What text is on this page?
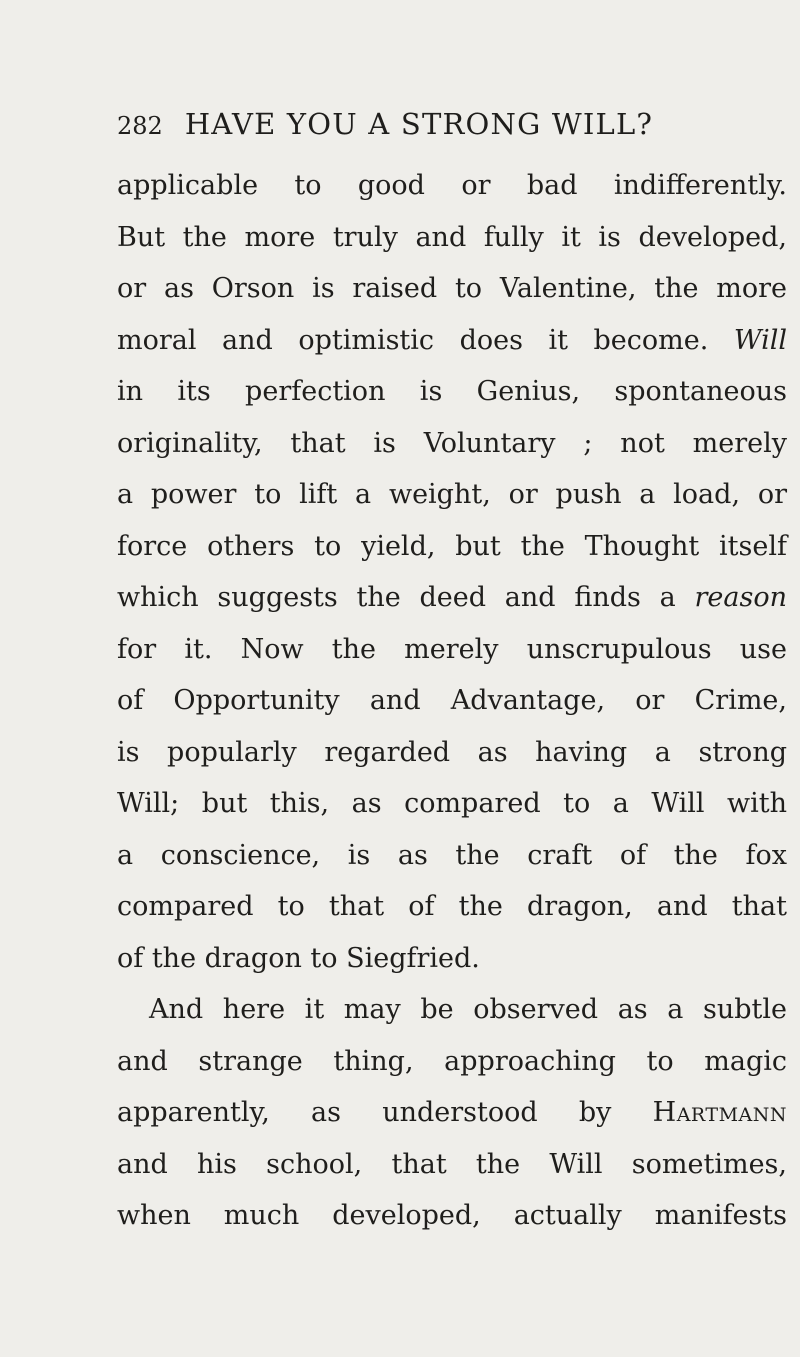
282 HAVE YOU A STRONG WILL?
applicable to good or bad indifferently.
But the more truly and fully it is developed,
or as Orson is raised to Valentine, the more
moral and optimistic does it become. Will
in its perfection is Genius, spontaneous
originality, that is Voluntary ; not merely
a power to lift a weight, or push a load, or
force others to yield, but the Thought itself
which suggests the deed and finds a reason
for it. Now the merely unscrupulous use
of Opportunity and Advantage, or Crime,
is popularly regarded as having a strong
Will; but this, as compared to a Will with
a conscience, is as the craft of the fox
compared to that of the dragon, and that
of the dragon to Siegfried.
And here it may be observed as a subtle
and strange thing, approaching to magic
apparently, as understood by Hartmann
and his school, that the Will sometimes,
when much developed, actually manifests
